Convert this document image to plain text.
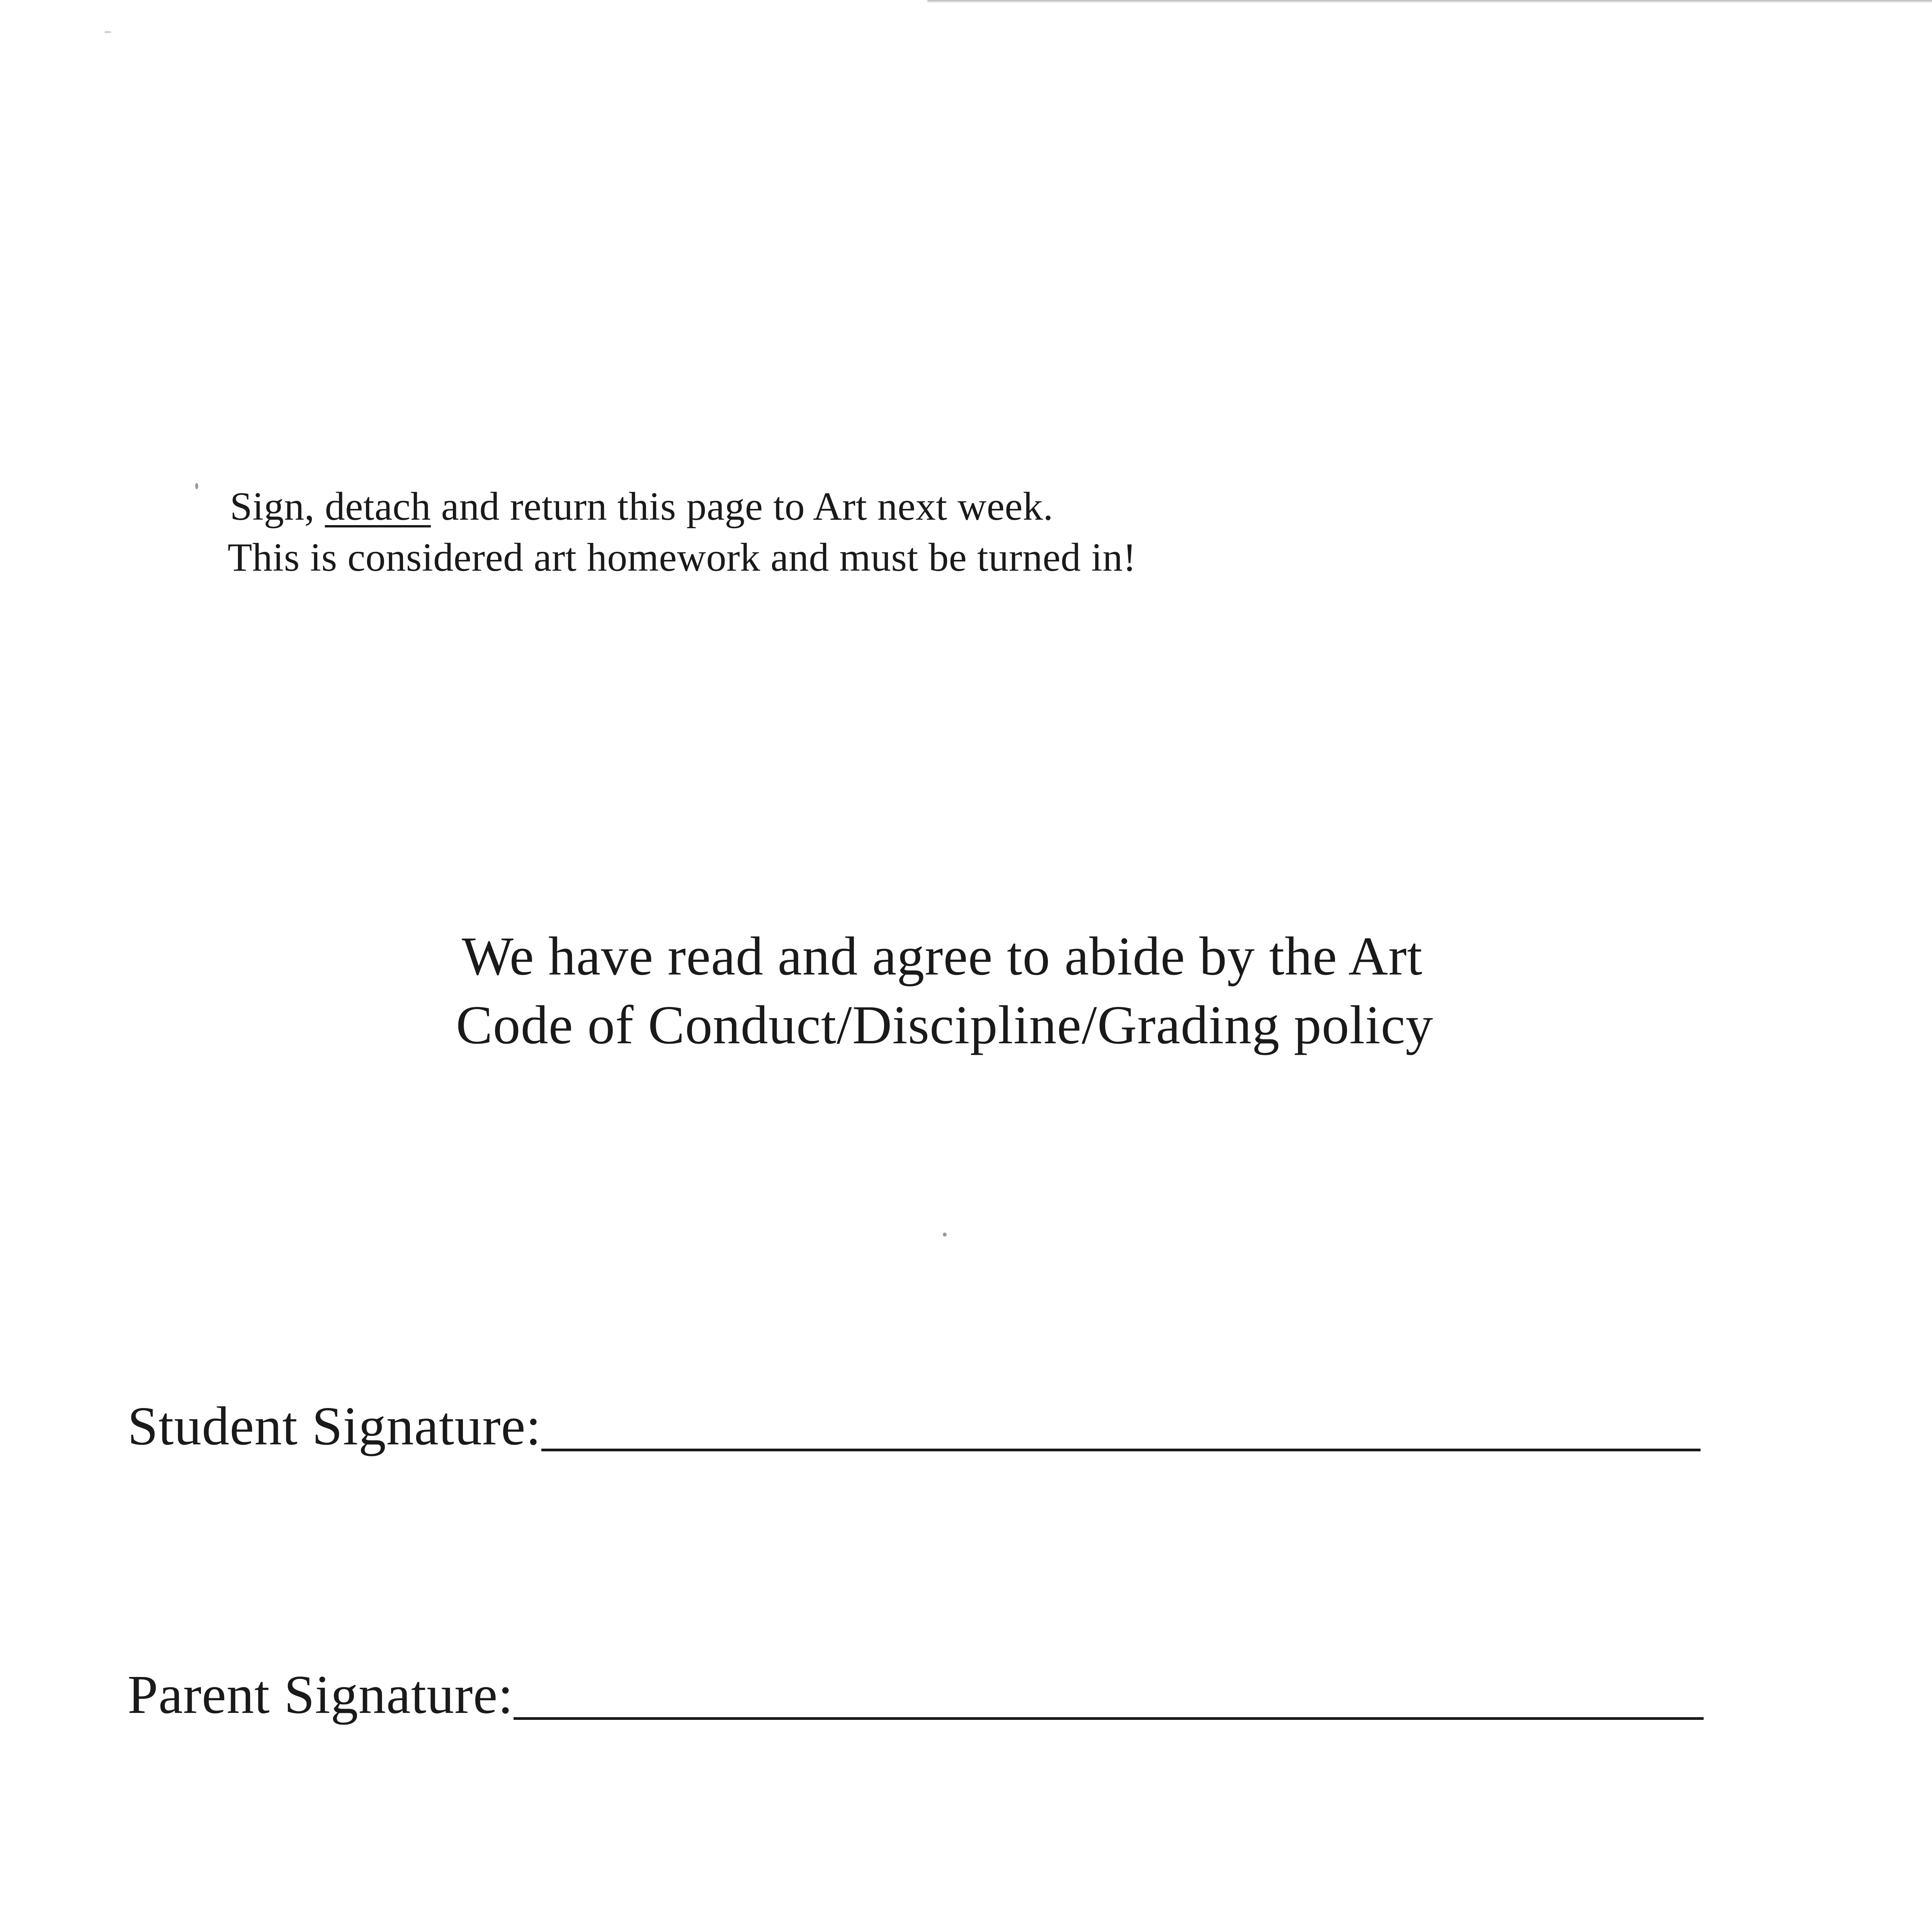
Sign, detach and return this page to Art next week.
This is considered art homework and must be turned in!
We have read and agree to abide by the Art
Code of Conduct/Discipline/Grading policy
Student Signature:
Parent Signature:
